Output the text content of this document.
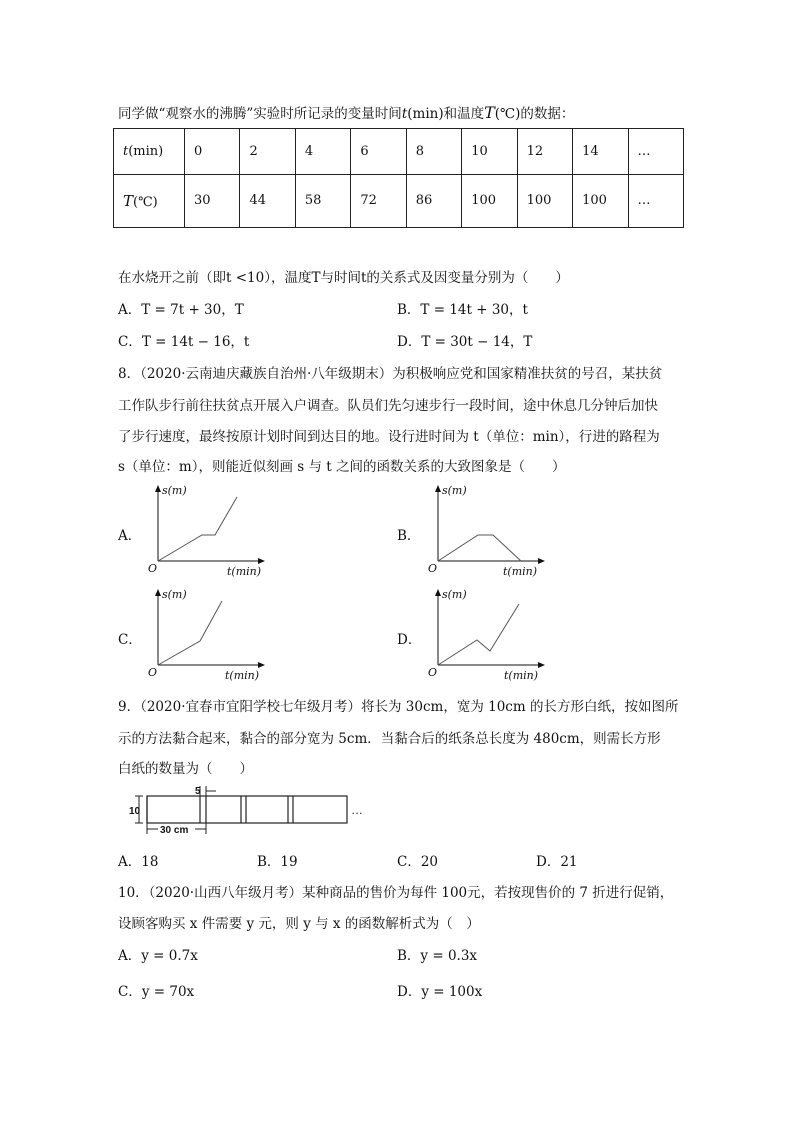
同学做“观察水的沸腾”实验时所记录的变量时间t(min)和温度T(℃)的数据：
t(min)	0	2	4	6	8	10	12	14	…
T(℃)	30	44	58	72	86	100	100	100	…
在水烧开之前（即t <10），温度T与时间t的关系式及因变量分别为（　　）
A．T = 7t + 30，T	B．T = 14t + 30，t
C．T = 14t − 16，t	D．T = 30t − 14，T
8．（2020·云南迪庆藏族自治州·八年级期末）为积极响应党和国家精准扶贫的号召，某扶贫
工作队步行前往扶贫点开展入户调查。队员们先匀速步行一段时间，途中休息几分钟后加快
了步行速度，最终按原计划时间到达目的地。设行进时间为 t（单位：min），行进的路程为
s（单位：m），则能近似刻画 s 与 t 之间的函数关系的大致图象是（　　）
A．	B．
C．	D．
s(m)
O	t(min)
s(m)
O	t(min)
s(m)
O	t(min)
s(m)
O	t(min)
9．（2020·宜春市宜阳学校七年级月考）将长为 30cm，宽为 10cm 的长方形白纸，按如图所
示的方法黏合起来，黏合的部分宽为 5cm．当黏合后的纸条总长度为 480cm，则需长方形
白纸的数量为（　　）
5
10
30 cm
…
A．18	B．19	C．20	D．21
10．（2020·山西八年级月考）某种商品的售价为每件 100元，若按现售价的 7 折进行促销，
设顾客购买 x 件需要 y 元，则 y 与 x 的函数解析式为（　）
A．y = 0.7x	B．y = 0.3x
C．y = 70x	D．y = 100x
